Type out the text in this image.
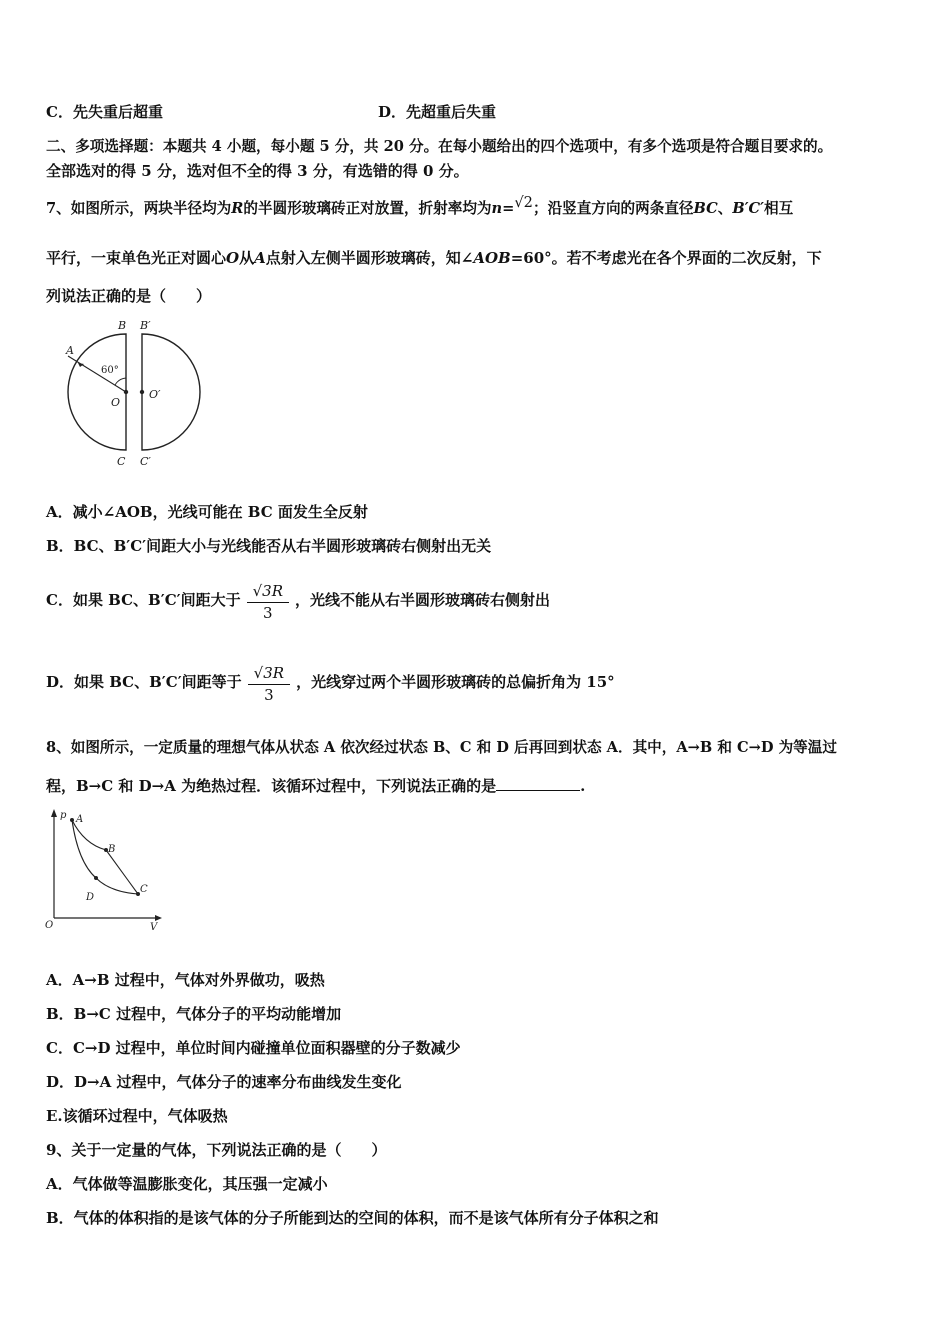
C．先失重后超重	D．先超重后失重
二、多项选择题：本题共 4 小题，每小题 5 分，共 20 分。在每小题给出的四个选项中，有多个选项是符合题目要求的。
全部选对的得 5 分，选对但不全的得 3 分，有选错的得 0 分。
7、如图所示，两块半径均为R的半圆形玻璃砖正对放置，折射率均为n=√2；沿竖直方向的两条直径BC、B′C′相互
平行，一束单色光正对圆心O从A点射入左侧半圆形玻璃砖，知∠AOB=60°。若不考虑光在各个界面的二次反射，下
列说法正确的是（　　）
B B′
A
60°
O
O′
C C′
A．减小∠AOB，光线可能在 BC 面发生全反射
B．BC、B′C′间距大小与光线能否从右半圆形玻璃砖右侧射出无关
C．如果 BC、B′C′间距大于 $\frac{√3R}{3}$ ，光线不能从右半圆形玻璃砖右侧射出
D．如果 BC、B′C′间距等于 $\frac{√3R}{3}$ ，光线穿过两个半圆形玻璃砖的总偏折角为 15°
8、如图所示，一定质量的理想气体从状态 A 依次经过状态 B、C 和 D 后再回到状态 A．其中，A→B 和 C→D 为等温过
程，B→C 和 D→A 为绝热过程．该循环过程中，下列说法正确的是	.
p
V
O
A
B
C
D
A．A→B 过程中，气体对外界做功，吸热
B．B→C 过程中，气体分子的平均动能增加
C．C→D 过程中，单位时间内碰撞单位面积器壁的分子数减少
D．D→A 过程中，气体分子的速率分布曲线发生变化
E.该循环过程中，气体吸热
9、关于一定量的气体，下列说法正确的是（　　）
A．气体做等温膨胀变化，其压强一定减小
B．气体的体积指的是该气体的分子所能到达的空间的体积，而不是该气体所有分子体积之和
